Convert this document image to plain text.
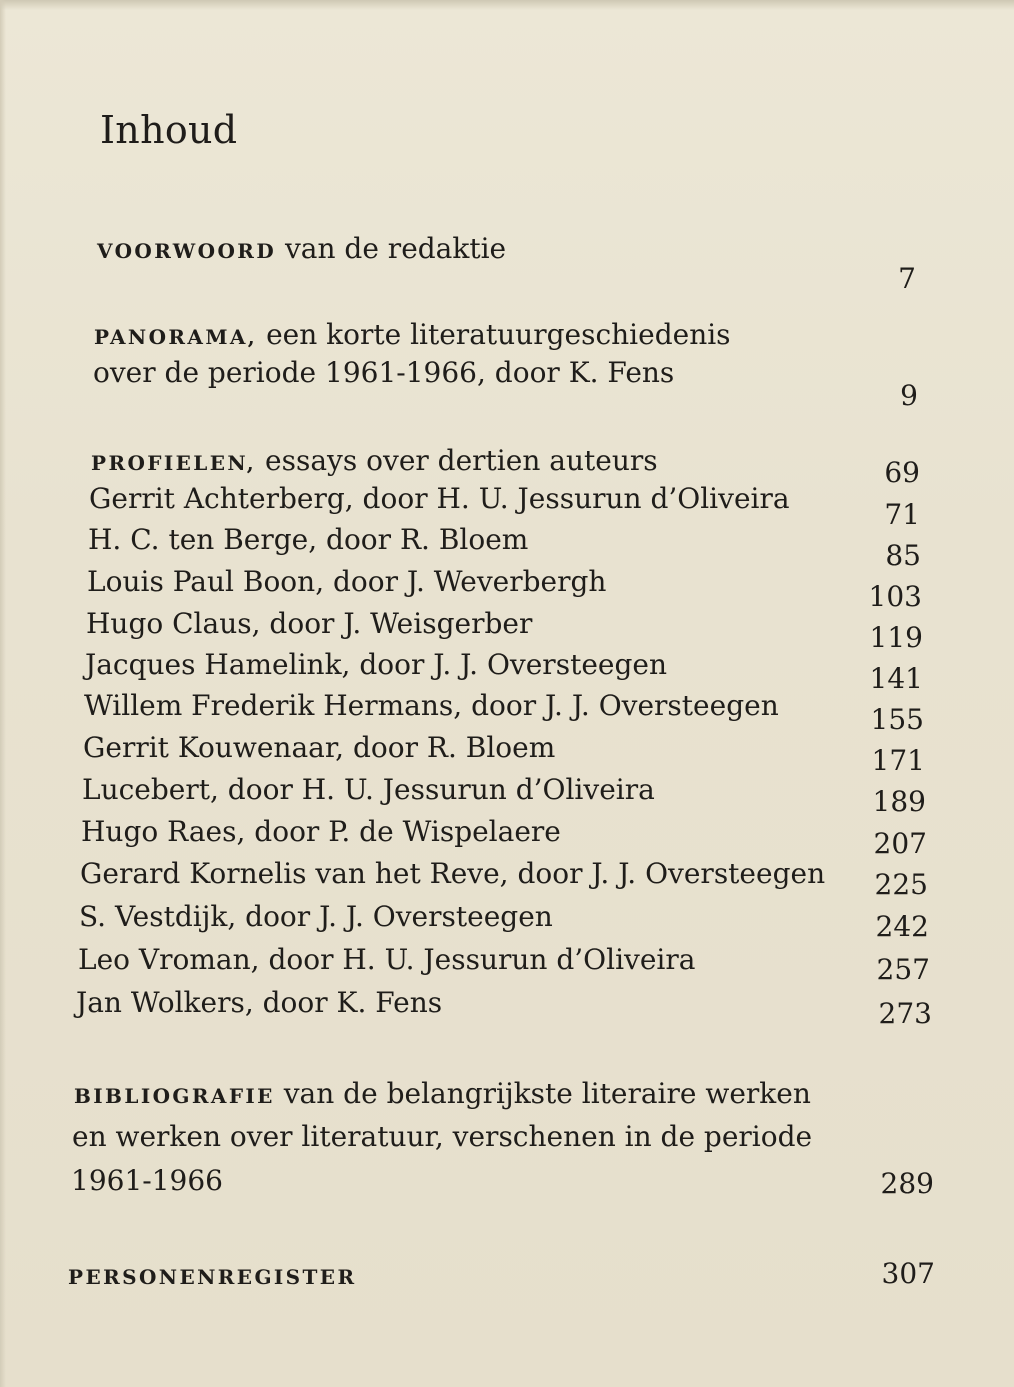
Inhoud
VOORWOORD van de redaktie
7
PANORAMA, een korte literatuurgeschiedenis
over de periode 1961-1966, door K. Fens
9
PROFIELEN, essays over dertien auteurs	69
Gerrit Achterberg, door H. U. Jessurun d’Oliveira	71
H. C. ten Berge, door R. Bloem	85
Louis Paul Boon, door J. Weverbergh	103
Hugo Claus, door J. Weisgerber	119
Jacques Hamelink, door J. J. Oversteegen	141
Willem Frederik Hermans, door J. J. Oversteegen	155
Gerrit Kouwenaar, door R. Bloem	171
Lucebert, door H. U. Jessurun d’Oliveira	189
Hugo Raes, door P. de Wispelaere	207
Gerard Kornelis van het Reve, door J. J. Oversteegen	225
S. Vestdijk, door J. J. Oversteegen	242
Leo Vroman, door H. U. Jessurun d’Oliveira	257
Jan Wolkers, door K. Fens	273
BIBLIOGRAFIE van de belangrijkste literaire werken
en werken over literatuur, verschenen in de periode
1961-1966	289
PERSONENREGISTER	307
